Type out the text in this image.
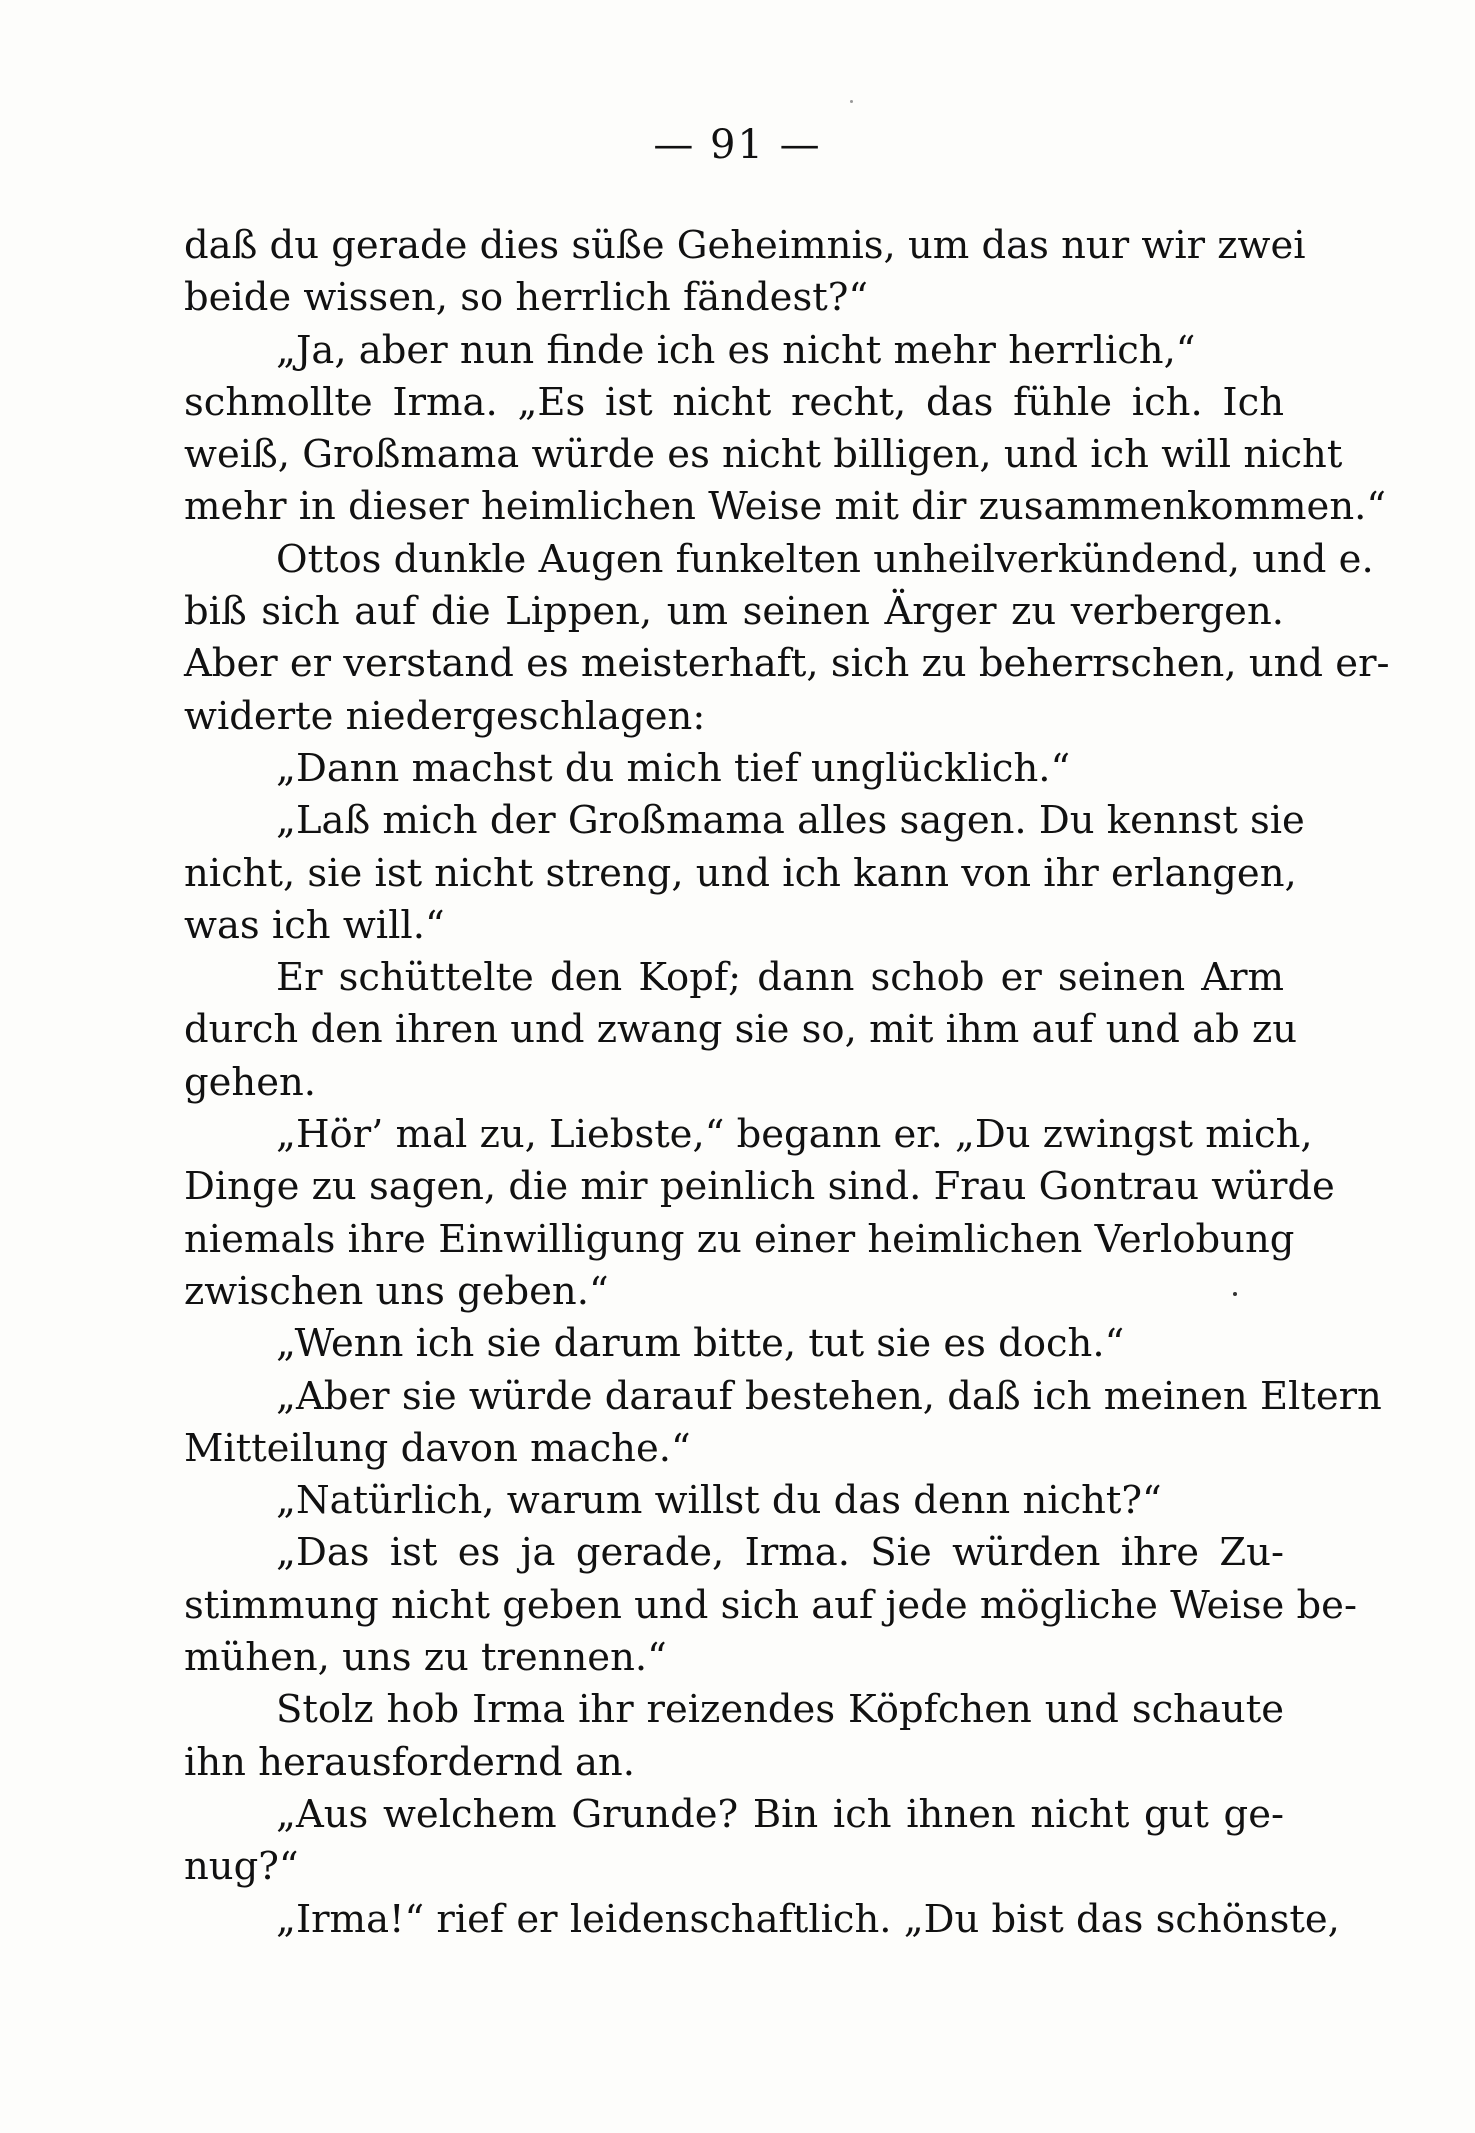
— 91 —
daß du gerade dies süße Geheimnis, um das nur wir zwei
beide wissen, so herrlich fändest?“
„Ja, aber nun finde ich es nicht mehr herrlich,“
schmollte Irma. „Es ist nicht recht, das fühle ich. Ich
weiß, Großmama würde es nicht billigen, und ich will nicht
mehr in dieser heimlichen Weise mit dir zusammenkommen.“
Ottos dunkle Augen funkelten unheilverkündend, und e.
biß sich auf die Lippen, um seinen Ärger zu verbergen.
Aber er verstand es meisterhaft, sich zu beherrschen, und er-
widerte niedergeschlagen:
„Dann machst du mich tief unglücklich.“
„Laß mich der Großmama alles sagen. Du kennst sie
nicht, sie ist nicht streng, und ich kann von ihr erlangen,
was ich will.“
Er schüttelte den Kopf; dann schob er seinen Arm
durch den ihren und zwang sie so, mit ihm auf und ab zu
gehen.
„Hör’ mal zu, Liebste,“ begann er. „Du zwingst mich,
Dinge zu sagen, die mir peinlich sind. Frau Gontrau würde
niemals ihre Einwilligung zu einer heimlichen Verlobung
zwischen uns geben.“
„Wenn ich sie darum bitte, tut sie es doch.“
„Aber sie würde darauf bestehen, daß ich meinen Eltern
Mitteilung davon mache.“
„Natürlich, warum willst du das denn nicht?“
„Das ist es ja gerade, Irma. Sie würden ihre Zu-
stimmung nicht geben und sich auf jede mögliche Weise be-
mühen, uns zu trennen.“
Stolz hob Irma ihr reizendes Köpfchen und schaute
ihn herausfordernd an.
„Aus welchem Grunde? Bin ich ihnen nicht gut ge-
nug?“
„Irma!“ rief er leidenschaftlich. „Du bist das schönste,
